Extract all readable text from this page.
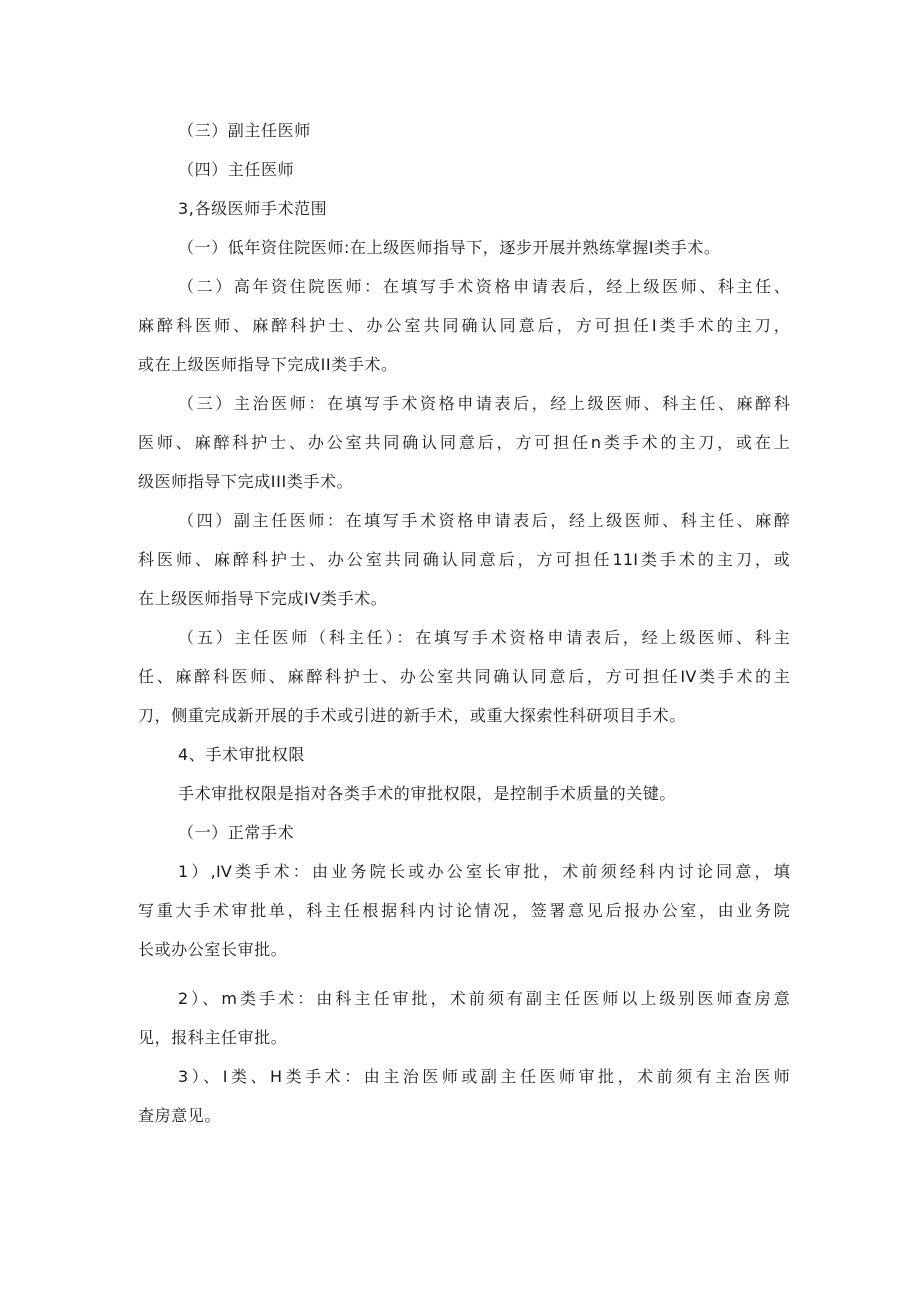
（三）副主任医师
（四）主任医师
3,各级医师手术范围
（一）低年资住院医师:在上级医师指导下，逐步开展并熟练掌握I类手术。
（二）高年资住院医师：在填写手术资格申请表后，经上级医师、科主任、
麻醉科医师、麻醉科护士、办公室共同确认同意后，方可担任I类手术的主刀，
或在上级医师指导下完成II类手术。
（三）主治医师：在填写手术资格申请表后，经上级医师、科主任、麻醉科
医师、麻醉科护士、办公室共同确认同意后，方可担任n类手术的主刀，或在上
级医师指导下完成III类手术。
（四）副主任医师：在填写手术资格申请表后，经上级医师、科主任、麻醉
科医师、麻醉科护士、办公室共同确认同意后，方可担任11I类手术的主刀，或
在上级医师指导下完成IV类手术。
（五）主任医师（科主任）：在填写手术资格申请表后，经上级医师、科主
任、麻醉科医师、麻醉科护士、办公室共同确认同意后，方可担任IV类手术的主
刀，侧重完成新开展的手术或引进的新手术，或重大探索性科研项目手术。
4、手术审批权限
手术审批权限是指对各类手术的审批权限，是控制手术质量的关键。
（一）正常手术
1）,IV类手术：由业务院长或办公室长审批，术前须经科内讨论同意，填
写重大手术审批单，科主任根据科内讨论情况，签署意见后报办公室，由业务院
长或办公室长审批。
2）、m类手术：由科主任审批，术前须有副主任医师以上级别医师查房意
见，报科主任审批。
3）、I类、H类手术：由主治医师或副主任医师审批，术前须有主治医师
查房意见。
